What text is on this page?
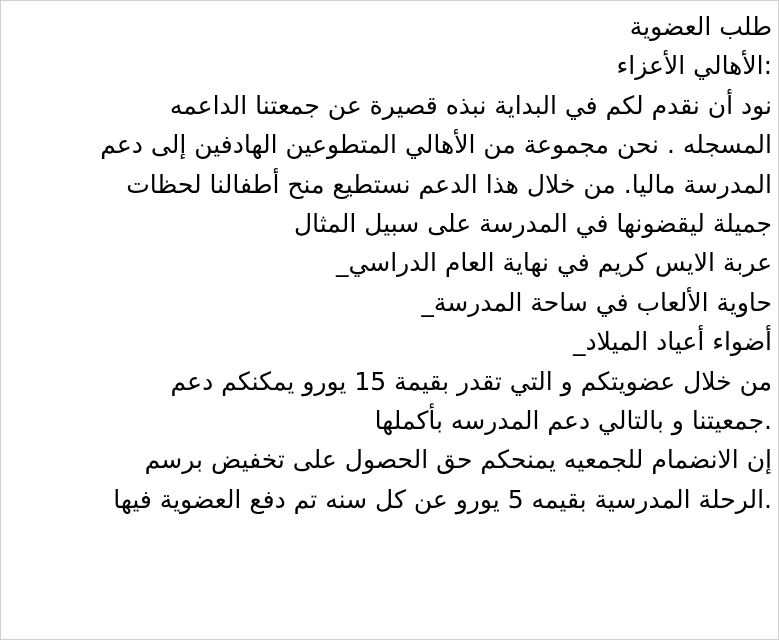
طلب العضوية
:الأهالي الأعزاء
نود أن نقدم لكم في البداية نبذه قصيرة عن جمعتنا الداعمه
المسجله . نحن مجموعة من الأهالي المتطوعين الهادفين إلى دعم
المدرسة ماليا. من خلال هذا الدعم نستطيع منح أطفالنا لحظات
جميلة ليقضونها في المدرسة على سبيل المثال
عربة الايس كريم في نهاية العام الدراسي_
حاوية الألعاب في ساحة المدرسة_
أضواء أعياد الميلاد_
من خلال عضويتكم و التي تقدر بقيمة 15 يورو يمكنكم دعم
.جمعيتنا و بالتالي دعم المدرسه بأكملها
إن الانضمام للجمعيه يمنحكم حق الحصول على تخفيض برسم
.الرحلة المدرسية بقيمه 5 يورو عن كل سنه تم دفع العضوية فيها
